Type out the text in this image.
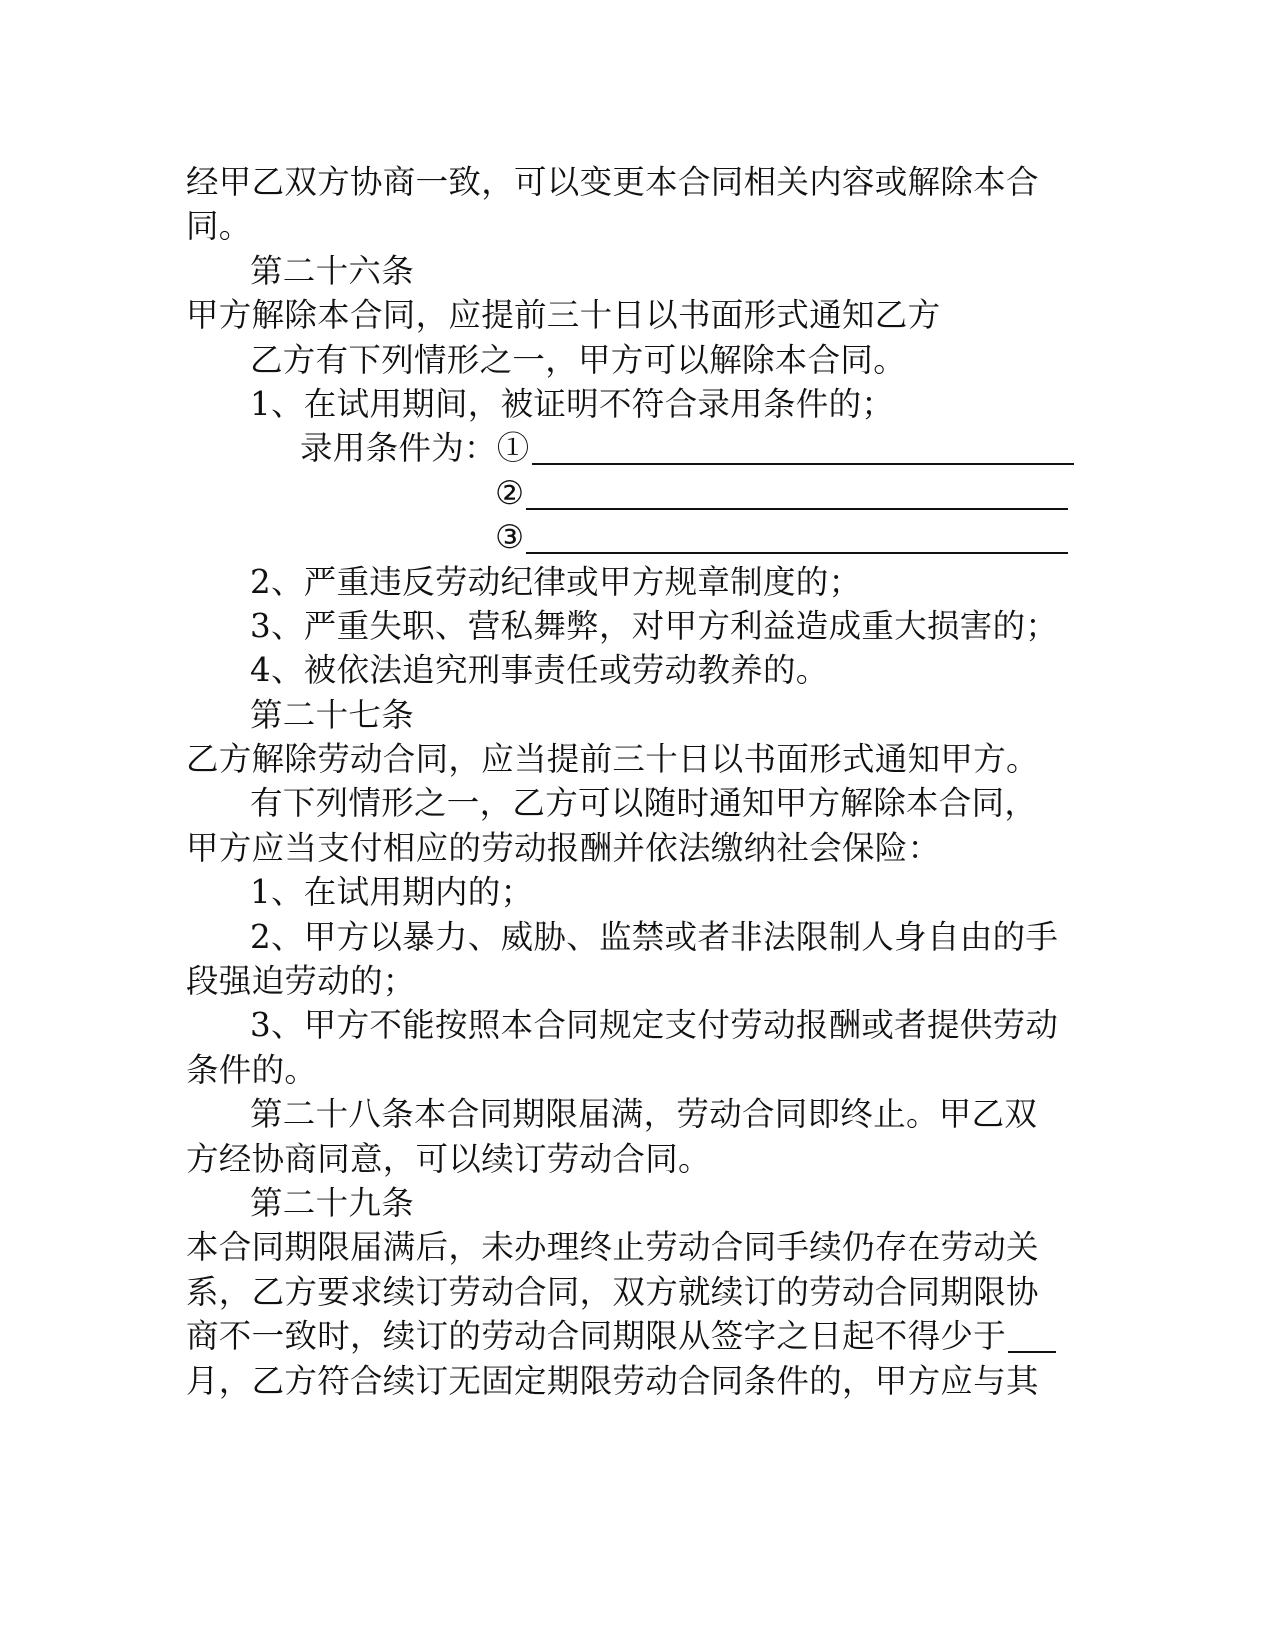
经甲乙双方协商一致，可以变更本合同相关内容或解除本合
同。
第二十六条
甲方解除本合同，应提前三十日以书面形式通知乙方
乙方有下列情形之一，甲方可以解除本合同。
1、在试用期间，被证明不符合录用条件的；
录用条件为：①
②
③
2、严重违反劳动纪律或甲方规章制度的；
3、严重失职、营私舞弊，对甲方利益造成重大损害的；
4、被依法追究刑事责任或劳动教养的。
第二十七条
乙方解除劳动合同，应当提前三十日以书面形式通知甲方。
有下列情形之一，乙方可以随时通知甲方解除本合同，
甲方应当支付相应的劳动报酬并依法缴纳社会保险：
1、在试用期内的；
2、甲方以暴力、威胁、监禁或者非法限制人身自由的手
段强迫劳动的；
3、甲方不能按照本合同规定支付劳动报酬或者提供劳动
条件的。
第二十八条本合同期限届满，劳动合同即终止。甲乙双
方经协商同意，可以续订劳动合同。
第二十九条
本合同期限届满后，未办理终止劳动合同手续仍存在劳动关
系，乙方要求续订劳动合同，双方就续订的劳动合同期限协
商不一致时，续订的劳动合同期限从签字之日起不得少于
月，乙方符合续订无固定期限劳动合同条件的，甲方应与其
